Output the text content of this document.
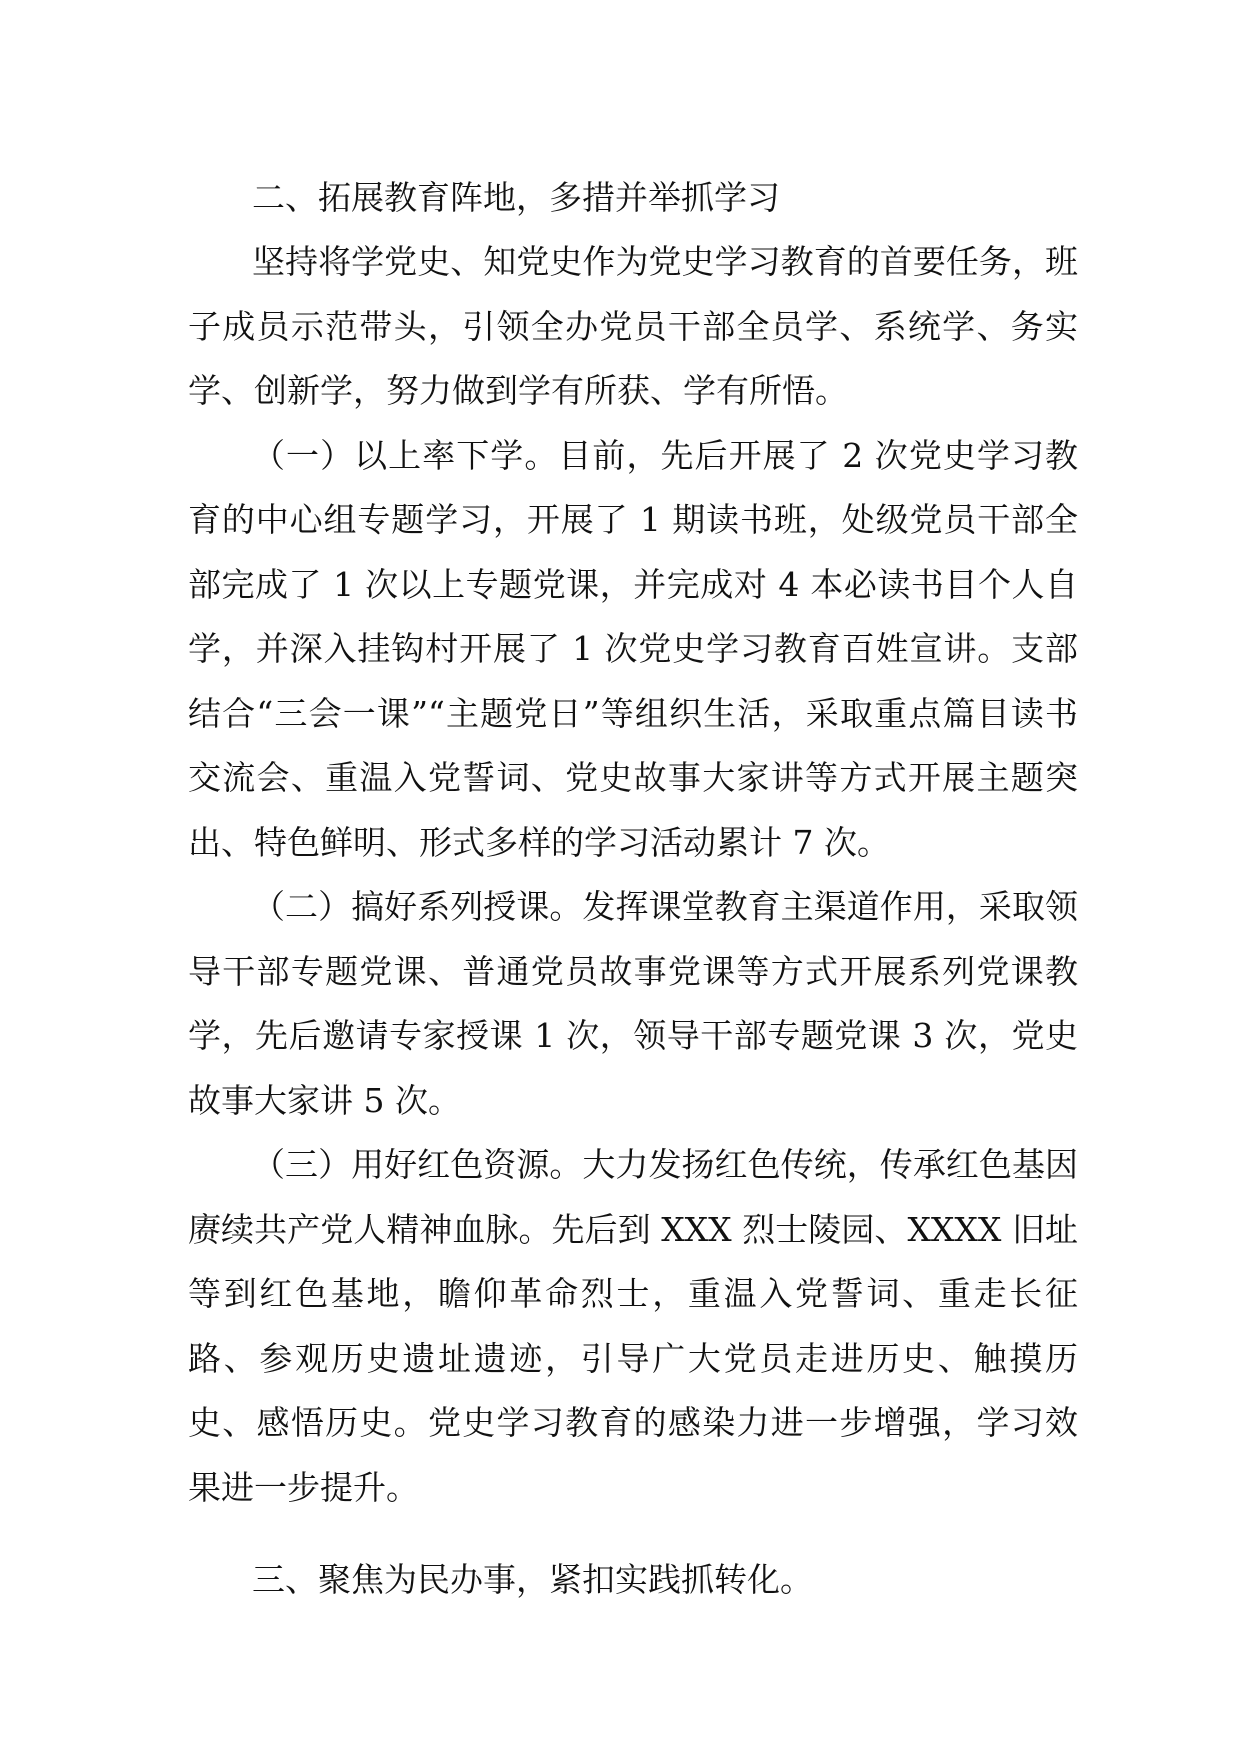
二、拓展教育阵地，多措并举抓学习

坚持将学党史、知党史作为党史学习教育的首要任务，班子成员示范带头，引领全办党员干部全员学、系统学、务实学、创新学，努力做到学有所获、学有所悟。

（一）以上率下学。目前，先后开展了 2 次党史学习教育的中心组专题学习，开展了 1 期读书班，处级党员干部全部完成了 1 次以上专题党课，并完成对 4 本必读书目个人自学，并深入挂钩村开展了 1 次党史学习教育百姓宣讲。支部结合“三会一课”“主题党日”等组织生活，采取重点篇目读书交流会、重温入党誓词、党史故事大家讲等方式开展主题突出、特色鲜明、形式多样的学习活动累计 7 次。

（二）搞好系列授课。发挥课堂教育主渠道作用，采取领导干部专题党课、普通党员故事党课等方式开展系列党课教学，先后邀请专家授课 1 次，领导干部专题党课 3 次，党史故事大家讲 5 次。

（三）用好红色资源。大力发扬红色传统，传承红色基因赓续共产党人精神血脉。先后到 XXX 烈士陵园、XXXX 旧址等到红色基地，瞻仰革命烈士，重温入党誓词、重走长征路、参观历史遗址遗迹，引导广大党员走进历史、触摸历史、感悟历史。党史学习教育的感染力进一步增强，学习效果进一步提升。

三、聚焦为民办事，紧扣实践抓转化。
